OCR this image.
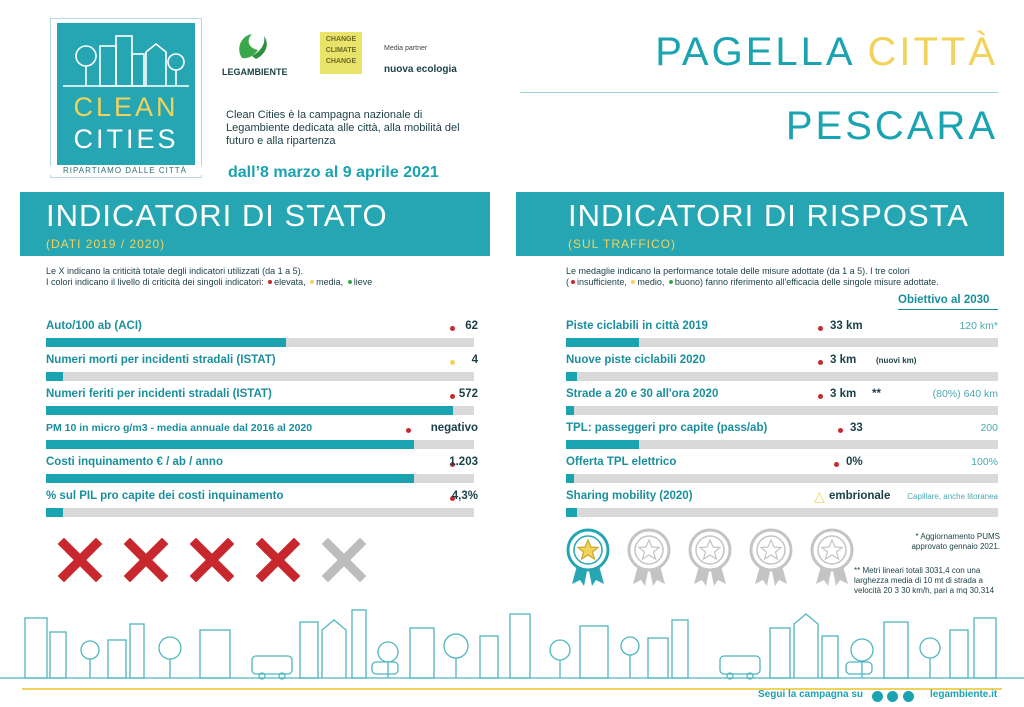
CLEAN
CITIES
RIPARTIAMO DALLE CITTÀ
LEGAMBIENTE
CHANGE
CLIMATE
CHANGE
Media partner
nuova ecologia	PAGELLA CITTÀ
PESCARA
Clean Cities è la campagna nazionale di Legambiente dedicata alle città, alla mobilità del futuro e alla ripartenza
dall’8 marzo al 9 aprile 2021
INDICATORI DI STATO
(DATI 2019 / 2020)
Le X indicano la criticità totale degli indicatori utilizzati (da 1 a 5).
I colori indicano il livello di criticità dei singoli indicatori: elevata, media, lieve
Auto/100 ab (ACI)	62
Numeri morti per incidenti stradali (ISTAT)	4
Numeri feriti per incidenti stradali (ISTAT)	572
PM 10 in micro g/m3 - media annuale dal 2016 al 2020	negativo
Costi inquinamento € / ab / anno	1.203
% sul PIL pro capite dei costi inquinamento	4,3%
INDICATORI DI RISPOSTA
(SUL TRAFFICO)
Le medaglie indicano la performance totale delle misure adottate (da 1 a 5). I tre colori
( insufficiente, medio, buono) fanno riferimento all'efficacia delle singole misure adottate.
Obiettivo al 2030
Piste ciclabili in città 2019	33 km	120 km*
Nuove piste ciclabili 2020	3 km (nuovi km)
Strade a 20 e 30 all'ora 2020	3 km **	(80%) 640 km
TPL: passeggeri pro capite (pass/ab)	33	200
Offerta TPL elettrico	0%	100%
Sharing mobility (2020)	△ embrionale Capillare, anche litoranea
* Aggiornamento PUMS approvato gennaio 2021.
** Metri lineari totali 3031,4 con una larghezza media di 10 mt di strada a velocità 20 3 30 km/h, pari a mq 30.314
Segui la campagna su
	legambiente.it
